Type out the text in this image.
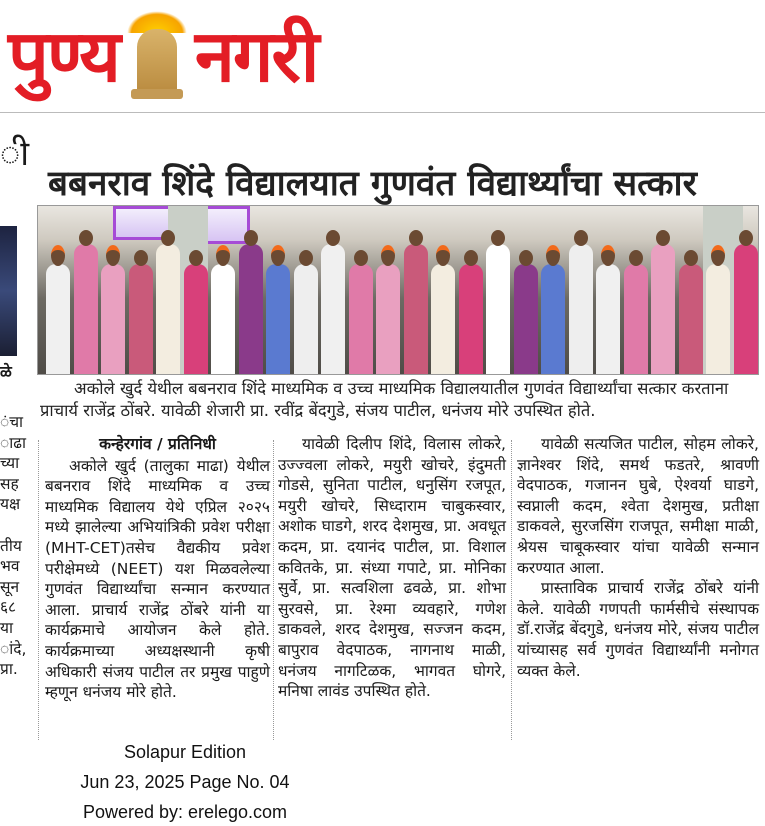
पुण्य नगरी
ी
ळे
ंचा
ाढा
च्या
सह
यक्ष
तीय
भव
सून
६८
या
ांदे,
प्रा.
बबनराव शिंदे विद्यालयात गुणवंत विद्यार्थ्यांचा सत्कार

अकोले खुर्द येथील बबनराव शिंदे माध्यमिक व उच्च माध्यमिक विद्यालयातील गुणवंत विद्यार्थ्यांचा सत्कार करताना

प्राचार्य राजेंद्र ठोंबरे. यावेळी शेजारी प्रा. रवींद्र बेंदगुडे, संजय पाटील, धनंजय मोरे उपस्थित होते.

कन्हेरगांव / प्रतिनिधी

अकोले खुर्द (तालुका माढा) येथील बबनराव शिंदे माध्यमिक व उच्च माध्यमिक विद्यालय येथे एप्रिल २०२५ मध्ये झालेल्या अभियांत्रिकी प्रवेश परीक्षा (MHT-CET)तसेच वैद्यकीय प्रवेश परीक्षेमध्ये (NEET) यश मिळवलेल्या गुणवंत विद्यार्थ्यांचा सन्मान करण्यात आला. प्राचार्य राजेंद्र ठोंबरे यांनी या कार्यक्रमाचे आयोजन केले होते. कार्यक्रमाच्या अध्यक्षस्थानी कृषी अधिकारी संजय पाटील तर प्रमुख पाहुणे म्हणून धनंजय मोरे होते.

यावेळी दिलीप शिंदे, विलास लोकरे, उज्ज्वला लोकरे, मयुरी खोचरे, इंदुमती गोडसे, सुनिता पाटील, धनुसिंग रजपूत, मयुरी खोचरे, सिध्दाराम चाबुकस्वार, अशोक घाडगे, शरद देशमुख, प्रा. अवधूत कदम, प्रा. दयानंद पाटील, प्रा. विशाल कवितके, प्रा. संध्या गपाटे, प्रा. मोनिका सुर्वे, प्रा. सत्वशिला ढवळे, प्रा. शोभा सुरवसे, प्रा. रेश्मा व्यवहारे, गणेश डाकवले, शरद देशमुख, सज्जन कदम, बापुराव वेदपाठक, नागनाथ माळी, धनंजय नागटिळक, भागवत घोगरे, मनिषा लावंड उपस्थित होते.

यावेळी सत्यजित पाटील, सोहम लोकरे, ज्ञानेश्वर शिंदे, समर्थ फडतरे, श्रावणी वेदपाठक, गजानन घुबे, ऐश्वर्या घाडगे, स्वप्नाली कदम, श्वेता देशमुख, प्रतीक्षा डाकवले, सुरजसिंग राजपूत, समीक्षा माळी, श्रेयस चाबूकस्वार यांचा यावेळी सन्मान करण्यात आला.

प्रास्ताविक प्राचार्य राजेंद्र ठोंबरे यांनी केले. यावेळी गणपती फार्मसीचे संस्थापक डॉ.राजेंद्र बेंदगुडे, धनंजय मोरे, संजय पाटील यांच्यासह सर्व गुणवंत विद्यार्थ्यांनी मनोगत व्यक्त केले.

Solapur Edition
Jun 23, 2025 Page No. 04
Powered by: erelego.com
